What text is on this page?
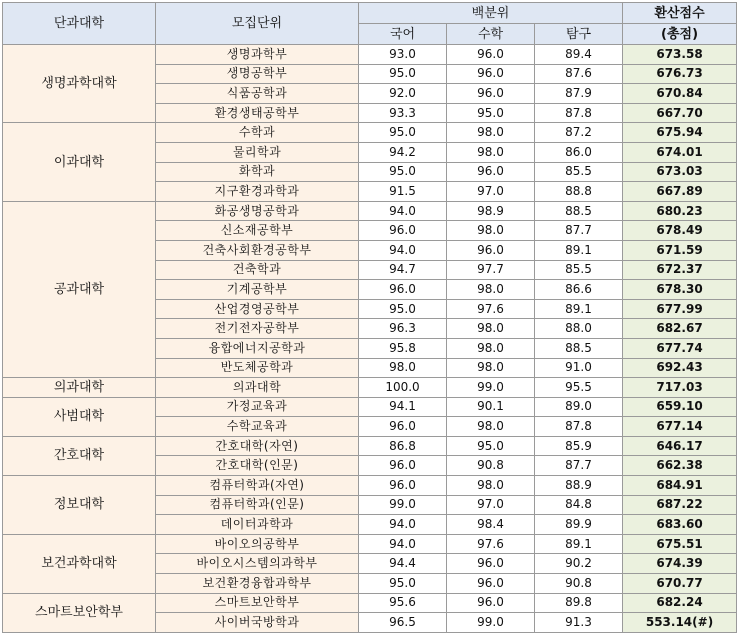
단과대학	모집단위	백분위			환산점수
		국어	수학	탐구	(총점)
생명과학대학	생명과학부	93.0	96.0	89.4	673.58
	생명공학부	95.0	96.0	87.6	676.73
	식품공학과	92.0	96.0	87.9	670.84
	환경생태공학부	93.3	95.0	87.8	667.70
이과대학	수학과	95.0	98.0	87.2	675.94
	물리학과	94.2	98.0	86.0	674.01
	화학과	95.0	96.0	85.5	673.03
	지구환경과학과	91.5	97.0	88.8	667.89
공과대학	화공생명공학과	94.0	98.9	88.5	680.23
	신소재공학부	96.0	98.0	87.7	678.49
	건축사회환경공학부	94.0	96.0	89.1	671.59
	건축학과	94.7	97.7	85.5	672.37
	기계공학부	96.0	98.0	86.6	678.30
	산업경영공학부	95.0	97.6	89.1	677.99
	전기전자공학부	96.3	98.0	88.0	682.67
	융합에너지공학과	95.8	98.0	88.5	677.74
	반도체공학과	98.0	98.0	91.0	692.43
의과대학	의과대학	100.0	99.0	95.5	717.03
사범대학	가정교육과	94.1	90.1	89.0	659.10
	수학교육과	96.0	98.0	87.8	677.14
간호대학	간호대학(자연)	86.8	95.0	85.9	646.17
	간호대학(인문)	96.0	90.8	87.7	662.38
정보대학	컴퓨터학과(자연)	96.0	98.0	88.9	684.91
	컴퓨터학과(인문)	99.0	97.0	84.8	687.22
	데이터과학과	94.0	98.4	89.9	683.60
보건과학대학	바이오의공학부	94.0	97.6	89.1	675.51
	바이오시스템의과학부	94.4	96.0	90.2	674.39
	보건환경융합과학부	95.0	96.0	90.8	670.77
스마트보안학부	스마트보안학부	95.6	96.0	89.8	682.24
	사이버국방학과	96.5	99.0	91.3	553.14(#)
